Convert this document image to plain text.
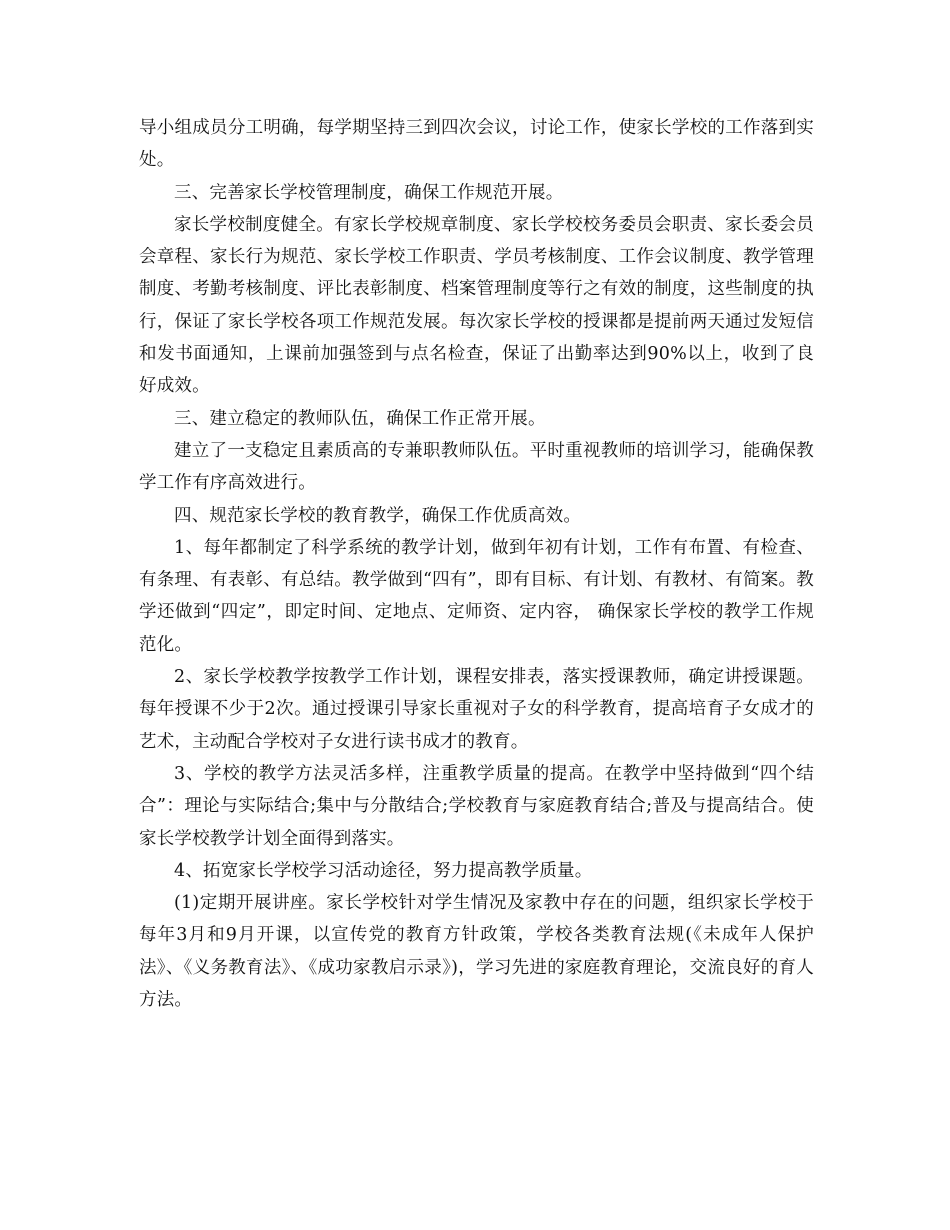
导小组成员分工明确，每学期坚持三到四次会议，讨论工作，使家长学校的工作落到实处。

三、完善家长学校管理制度，确保工作规范开展。

家长学校制度健全。有家长学校规章制度、家长学校校务委员会职责、家长委会员会章程、家长行为规范、家长学校工作职责、学员考核制度、工作会议制度、教学管理制度、考勤考核制度、评比表彰制度、档案管理制度等行之有效的制度，这些制度的执行，保证了家长学校各项工作规范发展。每次家长学校的授课都是提前两天通过发短信和发书面通知，上课前加强签到与点名检查，保证了出勤率达到90%以上，收到了良好成效。

三、建立稳定的教师队伍，确保工作正常开展。

建立了一支稳定且素质高的专兼职教师队伍。平时重视教师的培训学习，能确保教学工作有序高效进行。

四、规范家长学校的教育教学，确保工作优质高效。

1、每年都制定了科学系统的教学计划，做到年初有计划，工作有布置、有检查、有条理、有表彰、有总结。教学做到“四有”，即有目标、有计划、有教材、有简案。教学还做到“四定”，即定时间、定地点、定师资、定内容， 确保家长学校的教学工作规范化。

2、家长学校教学按教学工作计划，课程安排表，落实授课教师，确定讲授课题。每年授课不少于2次。通过授课引导家长重视对子女的科学教育，提高培育子女成才的艺术，主动配合学校对子女进行读书成才的教育。

3、学校的教学方法灵活多样，注重教学质量的提高。在教学中坚持做到“四个结合”：理论与实际结合;集中与分散结合;学校教育与家庭教育结合;普及与提高结合。使家长学校教学计划全面得到落实。

4、拓宽家长学校学习活动途径，努力提高教学质量。

(1)定期开展讲座。家长学校针对学生情况及家教中存在的问题，组织家长学校于每年3月和9月开课，以宣传党的教育方针政策，学校各类教育法规(《未成年人保护法》、《义务教育法》、《成功家教启示录》)，学习先进的家庭教育理论，交流良好的育人方法。
